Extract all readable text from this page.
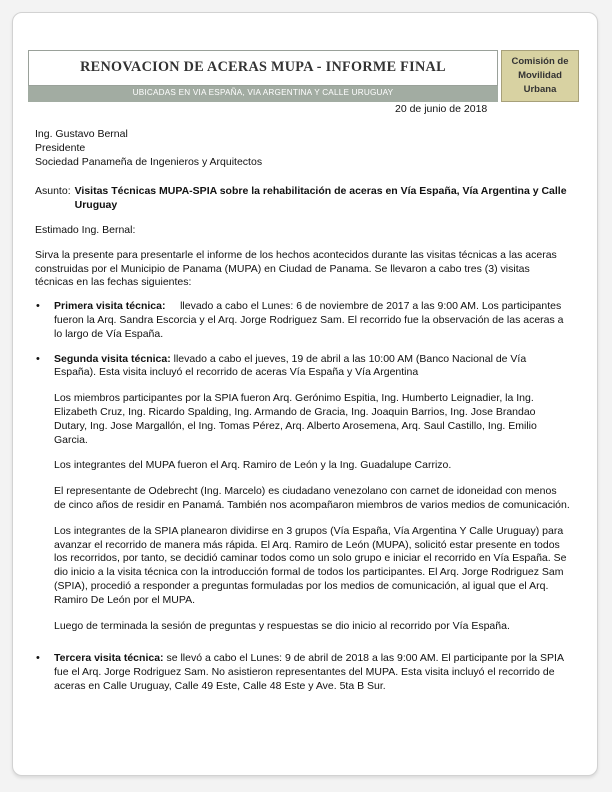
RENOVACION DE ACERAS MUPA - INFORME FINAL
UBICADAS EN VIA ESPAÑA, VIA ARGENTINA Y CALLE URUGUAY
Comisión de
Movilidad
Urbana
20 de junio de 2018

Ing. Gustavo Bernal

Presidente

Sociedad Panameña de Ingenieros y Arquitectos

Asunto: Visitas Técnicas MUPA-SPIA sobre la rehabilitación de aceras en Vía España, Vía Argentina y Calle Uruguay

Estimado Ing. Bernal:

Sirva la presente para presentarle el informe de los hechos acontecidos durante las visitas técnicas a las aceras construidas por el Municipio de Panama (MUPA) en Ciudad de Panama. Se llevaron a cabo tres (3) visitas técnicas en las fechas siguientes:

• Primera visita técnica:     llevado a cabo el Lunes: 6 de noviembre de 2017 a las 9:00 AM. Los participantes fueron la Arq. Sandra Escorcia y el Arq. Jorge Rodriguez Sam. El recorrido fue la observación de las aceras a lo largo de Vía España.

• Segunda visita técnica: llevado a cabo el jueves, 19 de abril a las 10:00 AM (Banco Nacional de Vía España). Esta visita incluyó el recorrido de aceras Vía España y Vía Argentina

Los miembros participantes por la SPIA fueron Arq. Gerónimo Espitia, Ing. Humberto Leignadier, la Ing. Elizabeth Cruz, Ing. Ricardo Spalding, Ing. Armando de Gracia, Ing. Joaquin Barrios, Ing. Jose Brandao Dutary, Ing. Jose Margallón, el Ing. Tomas Pérez, Arq. Alberto Arosemena, Arq. Saul Castillo, Ing. Emilio Garcia.

Los integrantes del MUPA fueron el Arq. Ramiro de León y la Ing. Guadalupe Carrizo.

El representante de Odebrecht (Ing. Marcelo) es ciudadano venezolano con carnet de idoneidad con menos de cinco años de residir en Panamá. También nos acompañaron miembros de varios medios de comunicación.

Los integrantes de la SPIA planearon dividirse en 3 grupos (Vía España, Vía Argentina Y Calle Uruguay) para avanzar el recorrido de manera más rápida. El Arq. Ramiro de León (MUPA), solicitó estar presente en todos los recorridos, por tanto, se decidió caminar todos como un solo grupo e iniciar el recorrido en Vía España. Se dio inicio a la visita técnica con la introducción formal de todos los participantes. El Arq. Jorge Rodriguez Sam (SPIA), procedió a responder a preguntas formuladas por los medios de comunicación, al igual que el Arq. Ramiro De León por el MUPA.

Luego de terminada la sesión de preguntas y respuestas se dio inicio al recorrido por Vía España.

• Tercera visita técnica: se llevó a cabo el Lunes: 9 de abril de 2018 a las 9:00 AM. El participante por la SPIA fue el Arq. Jorge Rodriguez Sam. No asistieron representantes del MUPA. Esta visita incluyó el recorrido de aceras en Calle Uruguay, Calle 49 Este, Calle 48 Este y Ave. 5ta B Sur.
